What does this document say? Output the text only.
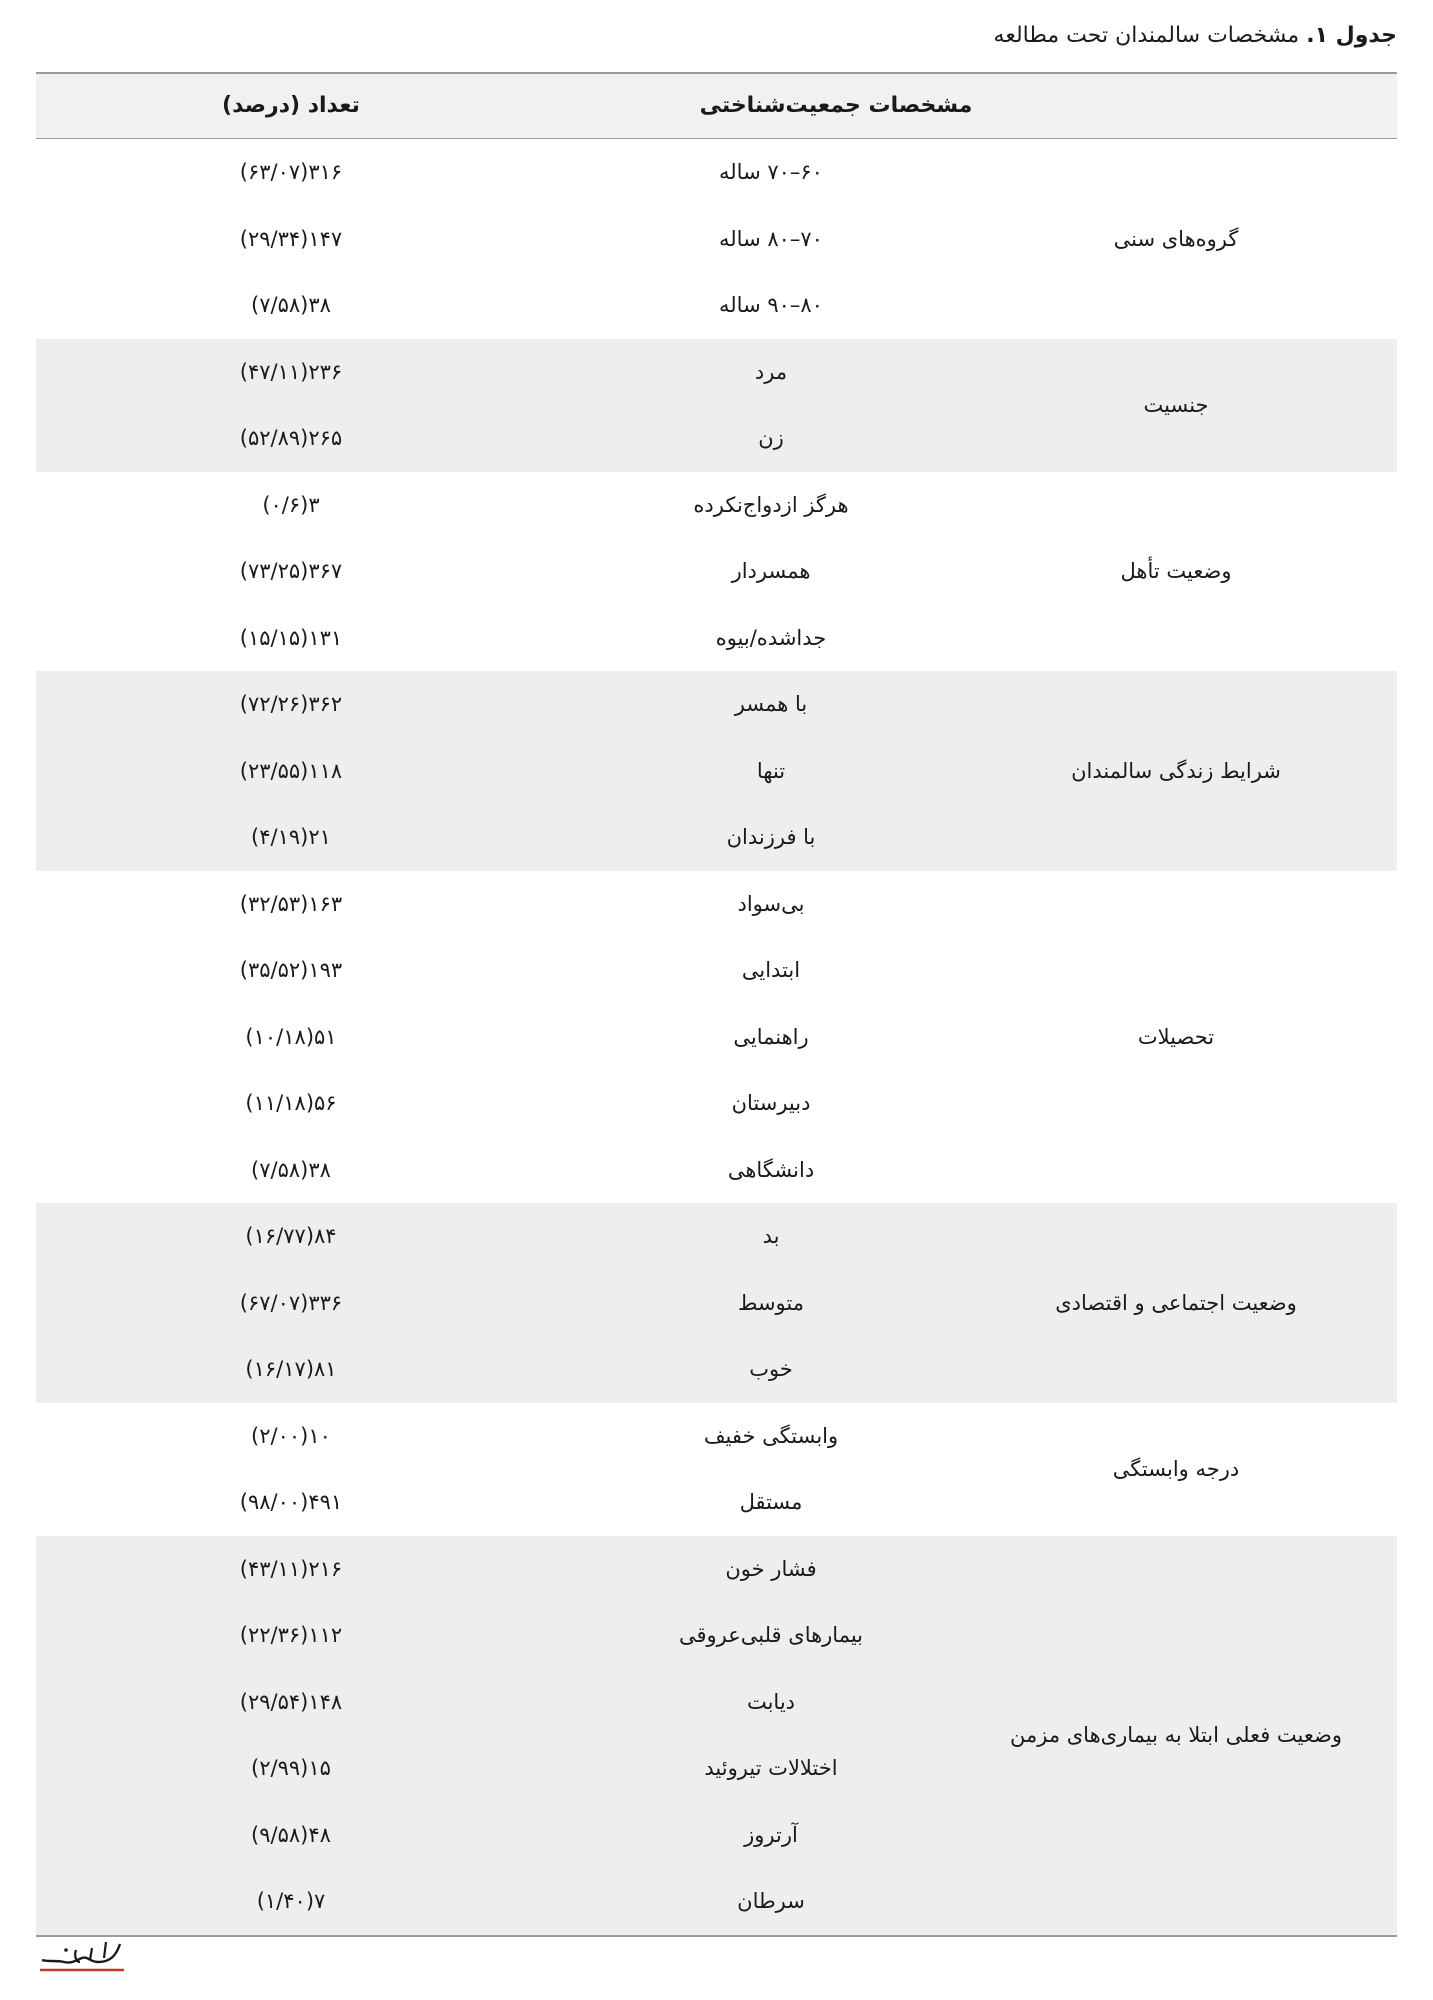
جدول ۱. مشخصات سالمندان تحت مطالعه
مشخصات جمعیت‌شناختی
تعداد (درصد)
گروه‌های سنی
۶۰–۷۰ ساله
۳۱۶(۶۳/۰۷)
۷۰–۸۰ ساله
۱۴۷(۲۹/۳۴)
۸۰–۹۰ ساله
۳۸(۷/۵۸)
جنسیت
مرد
۲۳۶(۴۷/۱۱)
زن
۲۶۵(۵۲/۸۹)
وضعیت تأهل
هرگز ازدواج‌نکرده
۳(۰/۶)
همسردار
۳۶۷(۷۳/۲۵)
جداشده/بیوه
۱۳۱(۱۵/۱۵)
شرایط زندگی سالمندان
با همسر
۳۶۲(۷۲/۲۶)
تنها
۱۱۸(۲۳/۵۵)
با فرزندان
۲۱(۴/۱۹)
تحصیلات
بی‌سواد
۱۶۳(۳۲/۵۳)
ابتدایی
۱۹۳(۳۵/۵۲)
راهنمایی
۵۱(۱۰/۱۸)
دبیرستان
۵۶(۱۱/۱۸)
دانشگاهی
۳۸(۷/۵۸)
وضعیت اجتماعی و اقتصادی
بد
۸۴(۱۶/۷۷)
متوسط
۳۳۶(۶۷/۰۷)
خوب
۸۱(۱۶/۱۷)
درجه وابستگی
وابستگی خفیف
۱۰(۲/۰۰)
مستقل
۴۹۱(۹۸/۰۰)
وضعیت فعلی ابتلا به بیماری‌های مزمن
فشار خون
۲۱۶(۴۳/۱۱)
بیمارهای قلبی‌عروقی
۱۱۲(۲۲/۳۶)
دیابت
۱۴۸(۲۹/۵۴)
اختلالات تیروئید
۱۵(۲/۹۹)
آرتروز
۴۸(۹/۵۸)
سرطان
۷(۱/۴۰)
